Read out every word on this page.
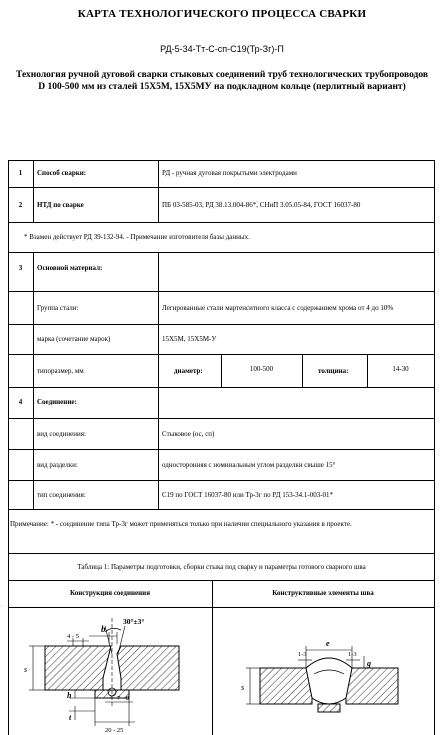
КАРТА ТЕХНОЛОГИЧЕСКОГО ПРОЦЕССА СВАРКИ
РД-5-34-Тт-С-сп-С19(Тр-Зг)-П
Технология ручной дуговой сварки стыковых соединений труб технологических трубопроводов D 100-500 мм из сталей 15Х5М, 15Х5МУ на подкладном кольце (перлитный вариант)
1	Способ сварки:	РД - ручная дуговая покрытыми электродами
2	НТД по сварке	ПБ 03-585-03, РД 38.13.004-86*, СНиП 3.05.05-84, ГОСТ 16037-80
* Взамен действует РД 39-132-94. - Примечание изготовителя базы данных.
3	Основной материал:
Группа стали:	Легированные стали мартенситного класса с содержанием хрома от 4 до 10%
марка (сочетание марок)	15Х5М, 15Х5М-У
типоразмер, мм	диаметр:	100-500	толщина:	14-30
4	Соединение:
вид соединения:	Стыковое (ос, сп)
вид разделки:	односторонняя с номинальным углом разделки свыше 15°
тип соединения:	С19 по ГОСТ 16037-80 или Тр-3г по РД 153-34.1-003-01*
Примечание: * - соединение типа Тр-3г может применяться только при наличии специального указания в проекте.
Таблица 1: Параметры подготовки, сборки стыка под сварку и параметры готового сварного шва
Конструкция соединения	Конструктивные элементы шва
b
30°±3°
4 - 5
s
h
t
7 - 8
20 - 25
1-3
e
1-3
g
s
·	·
